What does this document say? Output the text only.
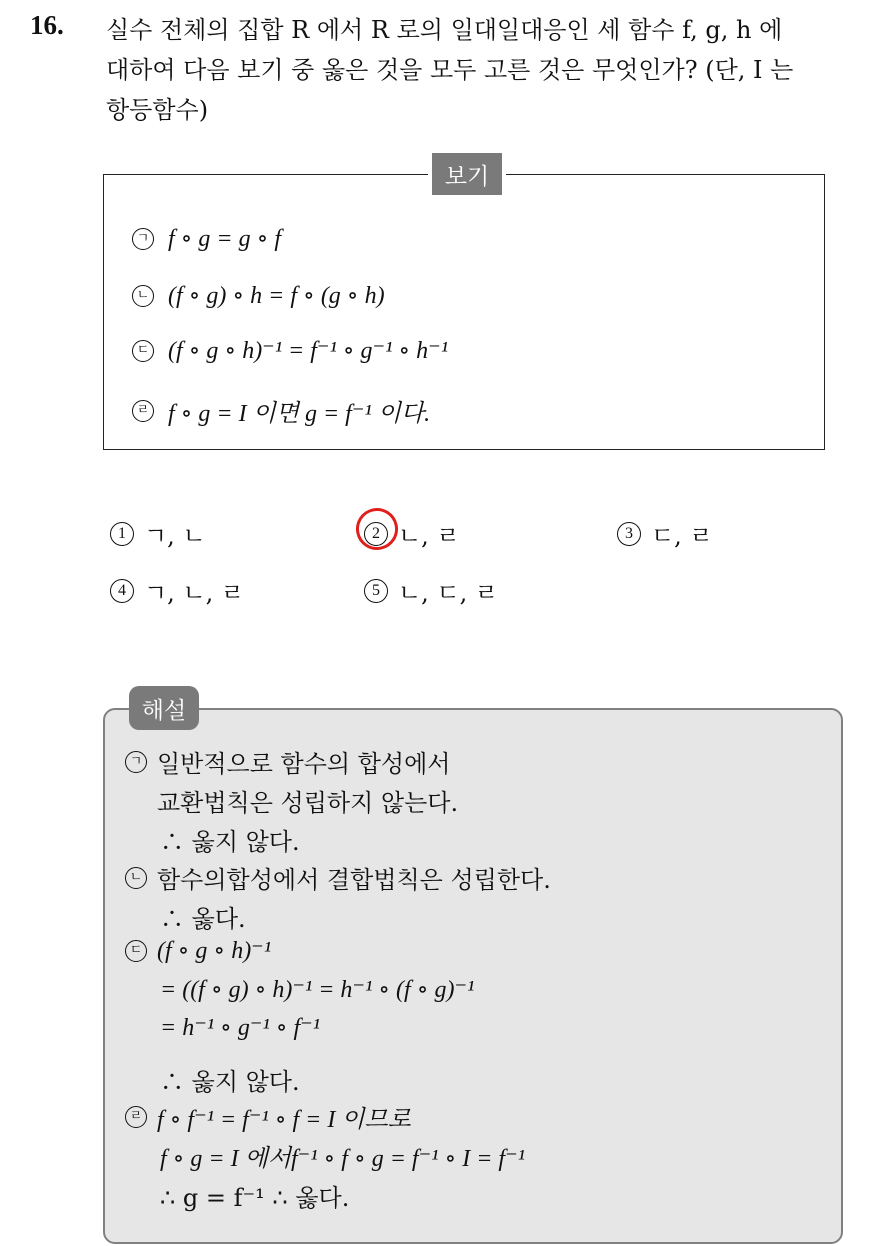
16. 실수 전체의 집합 R 에서 R 로의 일대일대응인 세 함수 f, g, h 에
대하여 다음 보기 중 옳은 것을 모두 고른 것은 무엇인가? (단, I 는
항등함수)
보기
ㄱ f ∘ g = g ∘ f
ㄴ (f ∘ g) ∘ h = f ∘ (g ∘ h)
ㄷ (f ∘ g ∘ h)⁻¹ = f⁻¹ ∘ g⁻¹ ∘ h⁻¹
ㄹ f ∘ g = I 이면 g = f⁻¹ 이다.
1 ㄱ, ㄴ	2 ㄴ, ㄹ	3 ㄷ, ㄹ
4 ㄱ, ㄴ, ㄹ	5 ㄴ, ㄷ, ㄹ
해설
ㄱ 일반적으로 함수의 합성에서
교환법칙은 성립하지 않는다.
∴ 옳지 않다.
ㄴ 함수의합성에서 결합법칙은 성립한다.
∴ 옳다.
ㄷ (f ∘ g ∘ h)⁻¹
= ((f ∘ g) ∘ h)⁻¹ = h⁻¹ ∘ (f ∘ g)⁻¹
= h⁻¹ ∘ g⁻¹ ∘ f⁻¹
∴ 옳지 않다.
ㄹ f ∘ f⁻¹ = f⁻¹ ∘ f = I 이므로
f ∘ g = I 에서f⁻¹ ∘ f ∘ g = f⁻¹ ∘ I = f⁻¹
∴ g = f⁻¹ ∴ 옳다.
